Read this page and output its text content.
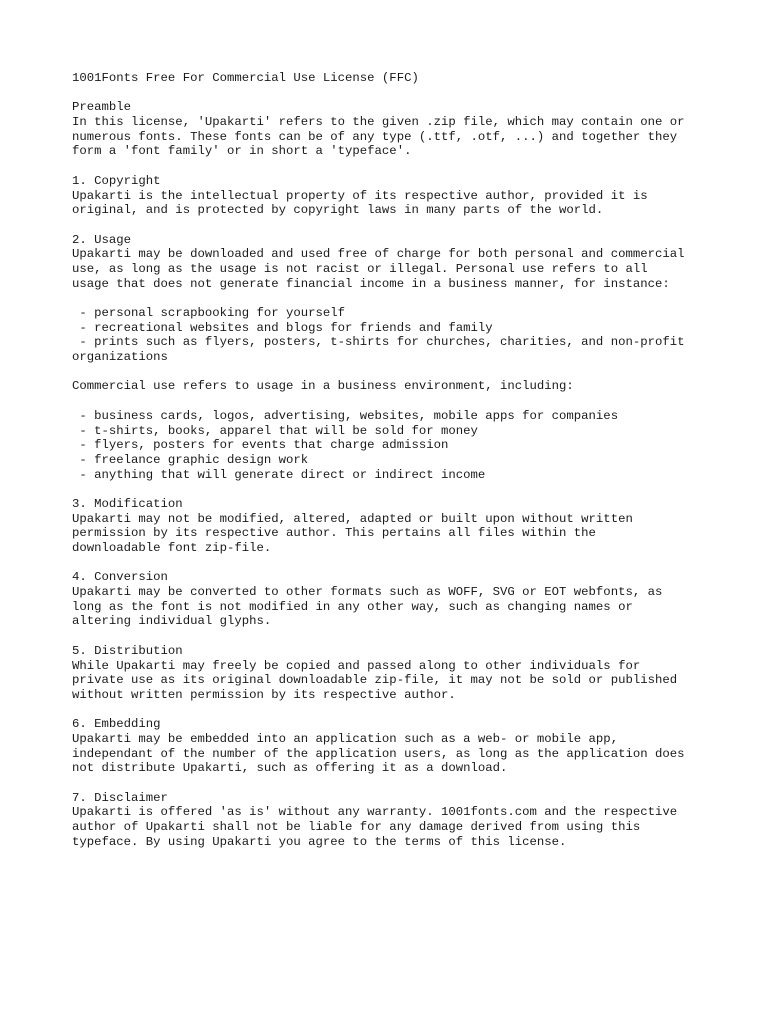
1001Fonts Free For Commercial Use License (FFC)
Preamble
In this license, 'Upakarti' refers to the given .zip file, which may contain one or
numerous fonts. These fonts can be of any type (.ttf, .otf, ...) and together they
form a 'font family' or in short a 'typeface'.
1. Copyright
Upakarti is the intellectual property of its respective author, provided it is
original, and is protected by copyright laws in many parts of the world.
2. Usage
Upakarti may be downloaded and used free of charge for both personal and commercial
use, as long as the usage is not racist or illegal. Personal use refers to all
usage that does not generate financial income in a business manner, for instance:
- personal scrapbooking for yourself
- recreational websites and blogs for friends and family
- prints such as flyers, posters, t-shirts for churches, charities, and non-profit
organizations
Commercial use refers to usage in a business environment, including:
- business cards, logos, advertising, websites, mobile apps for companies
- t-shirts, books, apparel that will be sold for money
- flyers, posters for events that charge admission
- freelance graphic design work
- anything that will generate direct or indirect income
3. Modification
Upakarti may not be modified, altered, adapted or built upon without written
permission by its respective author. This pertains all files within the
downloadable font zip-file.
4. Conversion
Upakarti may be converted to other formats such as WOFF, SVG or EOT webfonts, as
long as the font is not modified in any other way, such as changing names or
altering individual glyphs.
5. Distribution
While Upakarti may freely be copied and passed along to other individuals for
private use as its original downloadable zip-file, it may not be sold or published
without written permission by its respective author.
6. Embedding
Upakarti may be embedded into an application such as a web- or mobile app,
independant of the number of the application users, as long as the application does
not distribute Upakarti, such as offering it as a download.
7. Disclaimer
Upakarti is offered 'as is' without any warranty. 1001fonts.com and the respective
author of Upakarti shall not be liable for any damage derived from using this
typeface. By using Upakarti you agree to the terms of this license.
